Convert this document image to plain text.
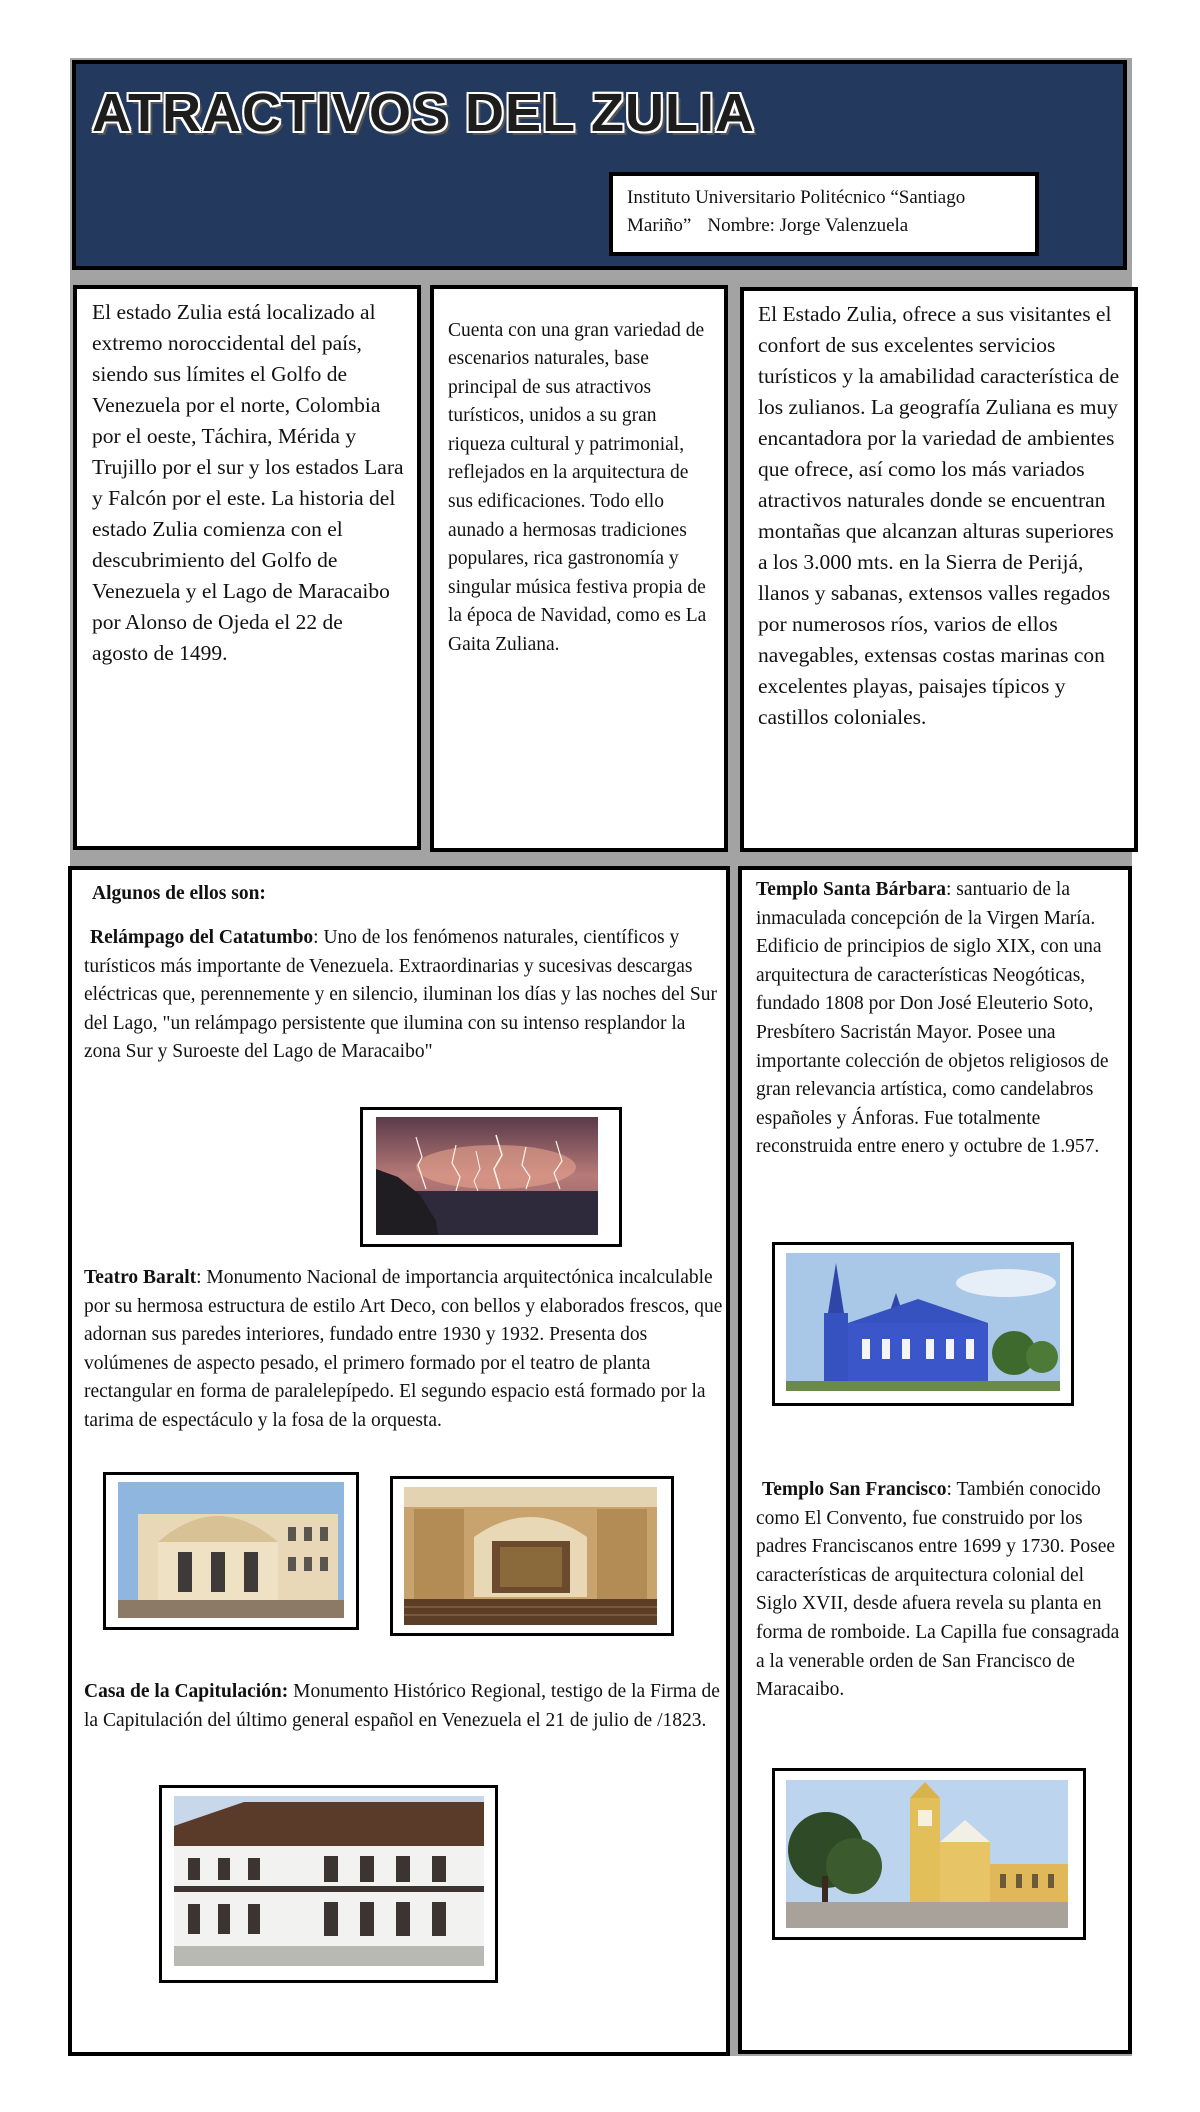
ATRACTIVOS DEL ZULIA
Instituto Universitario Politécnico “Santiago Mariño” Nombre: Jorge Valenzuela

El estado Zulia está localizado al extremo noroccidental del país, siendo sus límites el Golfo de Venezuela por el norte, Colombia por el oeste, Táchira, Mérida y Trujillo por el sur y los estados Lara y Falcón por el este. La historia del estado Zulia comienza con el descubrimiento del Golfo de Venezuela y el Lago de Maracaibo por Alonso de Ojeda el 22 de agosto de 1499.

Cuenta con una gran variedad de escenarios naturales, base principal de sus atractivos turísticos, unidos a su gran riqueza cultural y patrimonial, reflejados en la arquitectura de sus edificaciones. Todo ello aunado a hermosas tradiciones populares, rica gastronomía y singular música festiva propia de la época de Navidad, como es La Gaita Zuliana.

El Estado Zulia, ofrece a sus visitantes el confort de sus excelentes servicios turísticos y la amabilidad característica de los zulianos. La geografía Zuliana es muy encantadora por la variedad de ambientes que ofrece, así como los más variados atractivos naturales donde se encuentran montañas que alcanzan alturas superiores a los 3.000 mts. en la Sierra de Perijá, llanos y sabanas, extensos valles regados por numerosos ríos, varios de ellos navegables, extensas costas marinas con excelentes playas, paisajes típicos y castillos coloniales.

Algunos de ellos son:

Relámpago del Catatumbo: Uno de los fenómenos naturales, científicos y turísticos más importante de Venezuela. Extraordinarias y sucesivas descargas eléctricas que, perennemente y en silencio, iluminan los días y las noches del Sur del Lago, "un relámpago persistente que ilumina con su intenso resplandor la zona Sur y Suroeste del Lago de Maracaibo"

Teatro Baralt: Monumento Nacional de importancia arquitectónica incalculable por su hermosa estructura de estilo Art Deco, con bellos y elaborados frescos, que adornan sus paredes interiores, fundado entre 1930 y 1932. Presenta dos volúmenes de aspecto pesado, el primero formado por el teatro de planta rectangular en forma de paralelepípedo. El segundo espacio está formado por la tarima de espectáculo y la fosa de la orquesta.

Casa de la Capitulación: Monumento Histórico Regional, testigo de la Firma de la Capitulación del último general español en Venezuela el 21 de julio de /1823.

Templo Santa Bárbara: santuario de la inmaculada concepción de la Virgen María. Edificio de principios de siglo XIX, con una arquitectura de características Neogóticas, fundado 1808 por Don José Eleuterio Soto, Presbítero Sacristán Mayor. Posee una importante colección de objetos religiosos de gran relevancia artística, como candelabros españoles y Ánforas. Fue totalmente reconstruida entre enero y octubre de 1.957.

Templo San Francisco: También conocido como El Convento, fue construido por los padres Franciscanos entre 1699 y 1730. Posee características de arquitectura colonial del Siglo XVII, desde afuera revela su planta en forma de romboide. La Capilla fue consagrada a la venerable orden de San Francisco de Maracaibo.
